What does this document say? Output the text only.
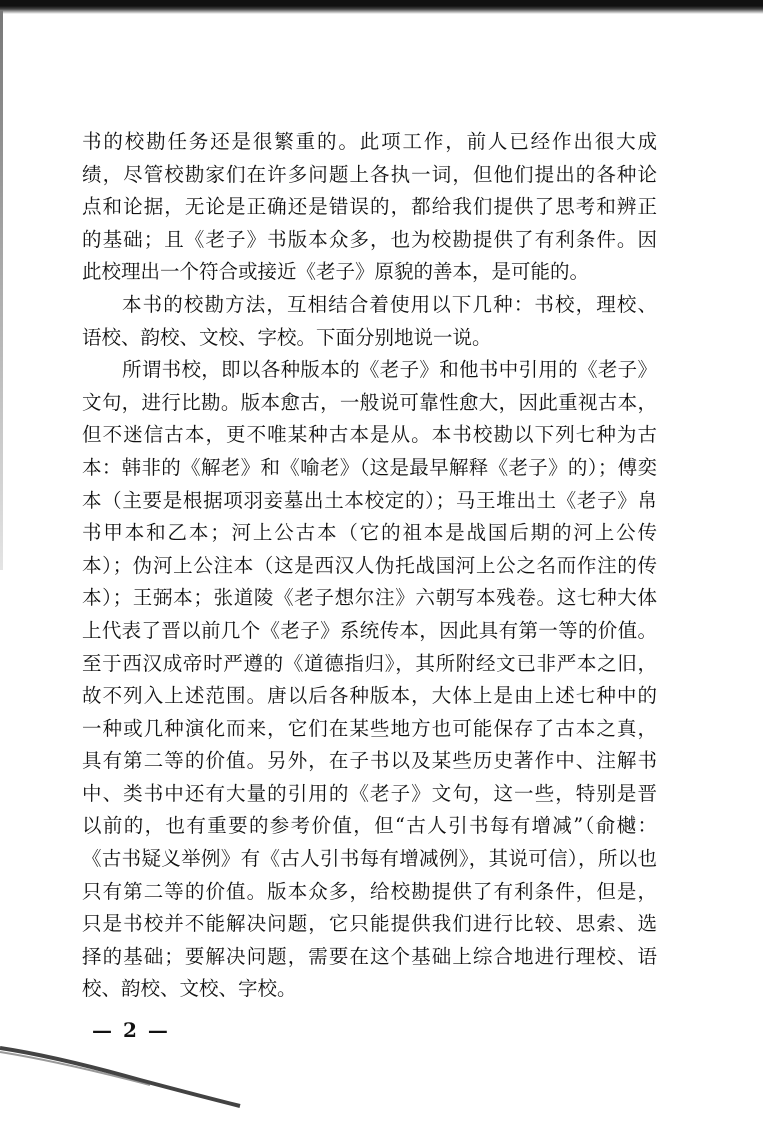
书的校勘任务还是很繁重的。此项工作，前人已经作出很大成
绩，尽管校勘家们在许多问题上各执一词，但他们提出的各种论
点和论据，无论是正确还是错误的，都给我们提供了思考和辨正
的基础；且《老子》书版本众多，也为校勘提供了有利条件。因
此校理出一个符合或接近《老子》原貌的善本，是可能的。
本书的校勘方法，互相结合着使用以下几种：书校，理校、
语校、韵校、文校、字校。下面分别地说一说。
所谓书校，即以各种版本的《老子》和他书中引用的《老子》
文句，进行比勘。版本愈古，一般说可靠性愈大，因此重视古本，
但不迷信古本，更不唯某种古本是从。本书校勘以下列七种为古
本：韩非的《解老》和《喻老》（这是最早解释《老子》的）；傅奕
本（主要是根据项羽妾墓出土本校定的）；马王堆出土《老子》帛
书甲本和乙本；河上公古本（它的祖本是战国后期的河上公传
本）；伪河上公注本（这是西汉人伪托战国河上公之名而作注的传
本）；王弼本；张道陵《老子想尔注》六朝写本残卷。这七种大体
上代表了晋以前几个《老子》系统传本，因此具有第一等的价值。
至于西汉成帝时严遵的《道德指归》，其所附经文已非严本之旧，
故不列入上述范围。唐以后各种版本，大体上是由上述七种中的
一种或几种演化而来，它们在某些地方也可能保存了古本之真，
具有第二等的价值。另外，在子书以及某些历史著作中、注解书
中、类书中还有大量的引用的《老子》文句，这一些，特别是晋
以前的，也有重要的参考价值，但“古人引书每有增减”（俞樾：
《古书疑义举例》有《古人引书每有增减例》，其说可信），所以也
只有第二等的价值。版本众多，给校勘提供了有利条件，但是，
只是书校并不能解决问题，它只能提供我们进行比较、思索、选
择的基础；要解决问题，需要在这个基础上综合地进行理校、语
校、韵校、文校、字校。
— 2 —
